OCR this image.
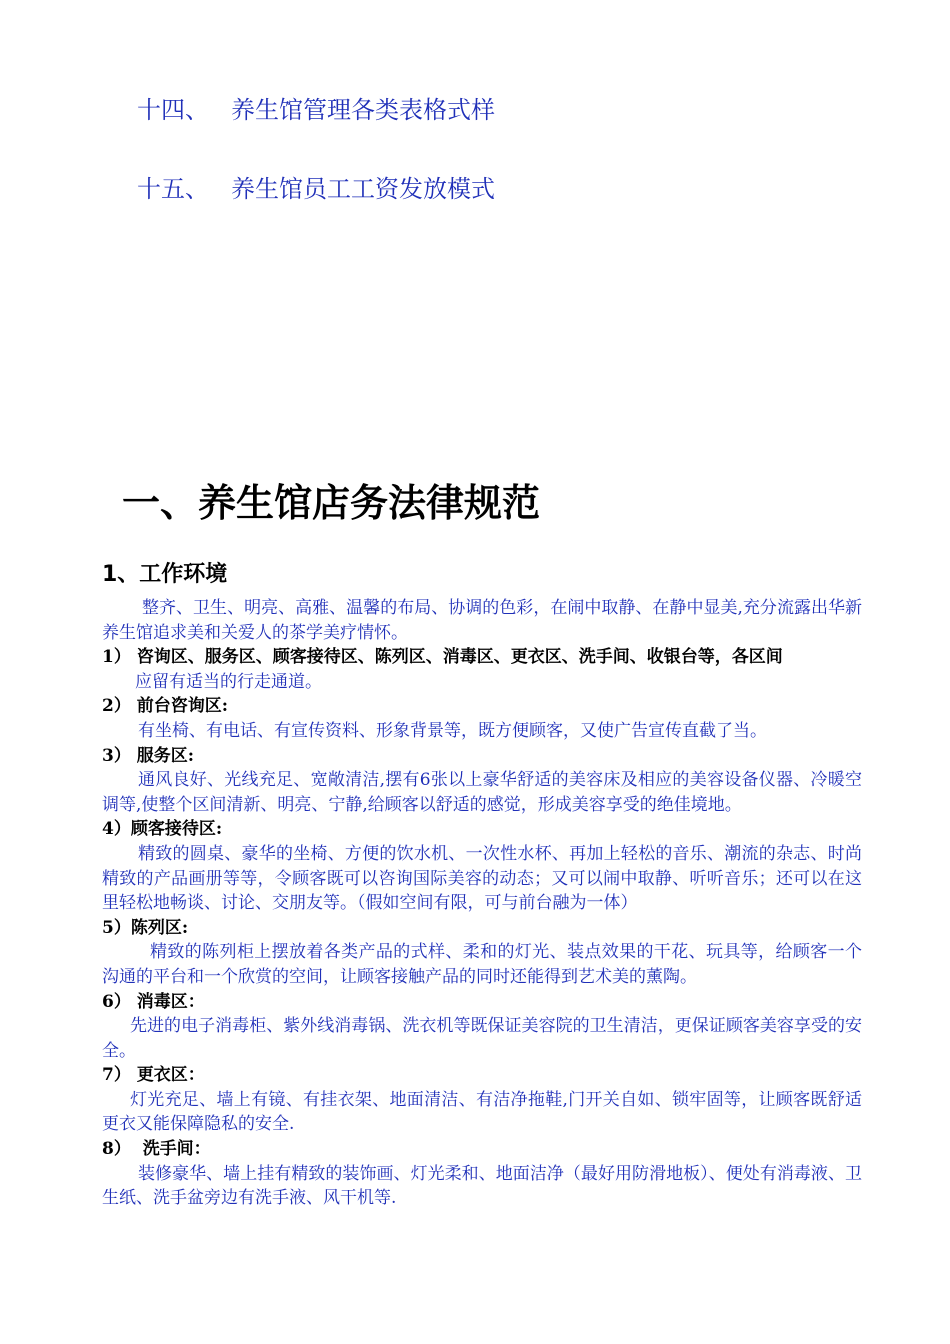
十四、 养生馆管理各类表格式样
十五、 养生馆员工工资发放模式
一、养生馆店务法律规范
1、工作环境

整齐、卫生、明亮、高雅、温馨的布局、协调的色彩，在闹中取静、在静中显美,充分流露出华新养生馆追求美和关爱人的茶学美疗情怀。

1） 咨询区、服务区、顾客接待区、陈列区、消毒区、更衣区、洗手间、收银台等，各区间

应留有适当的行走通道。

2） 前台咨询区:

有坐椅、有电话、有宣传资料、形象背景等，既方便顾客，又使广告宣传直截了当。

3） 服务区:

通风良好、光线充足、宽敞清洁,摆有6张以上豪华舒适的美容床及相应的美容设备仪器、冷暖空调等,使整个区间清新、明亮、宁静,给顾客以舒适的感觉，形成美容享受的绝佳境地。

4）顾客接待区:

精致的圆桌、豪华的坐椅、方便的饮水机、一次性水杯、再加上轻松的音乐、潮流的杂志、时尚精致的产品画册等等，令顾客既可以咨询国际美容的动态；又可以闹中取静、听听音乐；还可以在这里轻松地畅谈、讨论、交朋友等。（假如空间有限，可与前台融为一体）

5）陈列区:

精致的陈列柜上摆放着各类产品的式样、柔和的灯光、装点效果的干花、玩具等，给顾客一个沟通的平台和一个欣赏的空间，让顾客接触产品的同时还能得到艺术美的薰陶。

6） 消毒区：

先进的电子消毒柜、紫外线消毒锅、洗衣机等既保证美容院的卫生清洁，更保证顾客美容享受的安全。

7） 更衣区：

灯光充足、墙上有镜、有挂衣架、地面清洁、有洁净拖鞋,门开关自如、锁牢固等，让顾客既舒适更衣又能保障隐私的安全.

8） 洗手间：

装修豪华、墙上挂有精致的装饰画、灯光柔和、地面洁净（最好用防滑地板）、便处有消毒液、卫生纸、洗手盆旁边有洗手液、风干机等.
